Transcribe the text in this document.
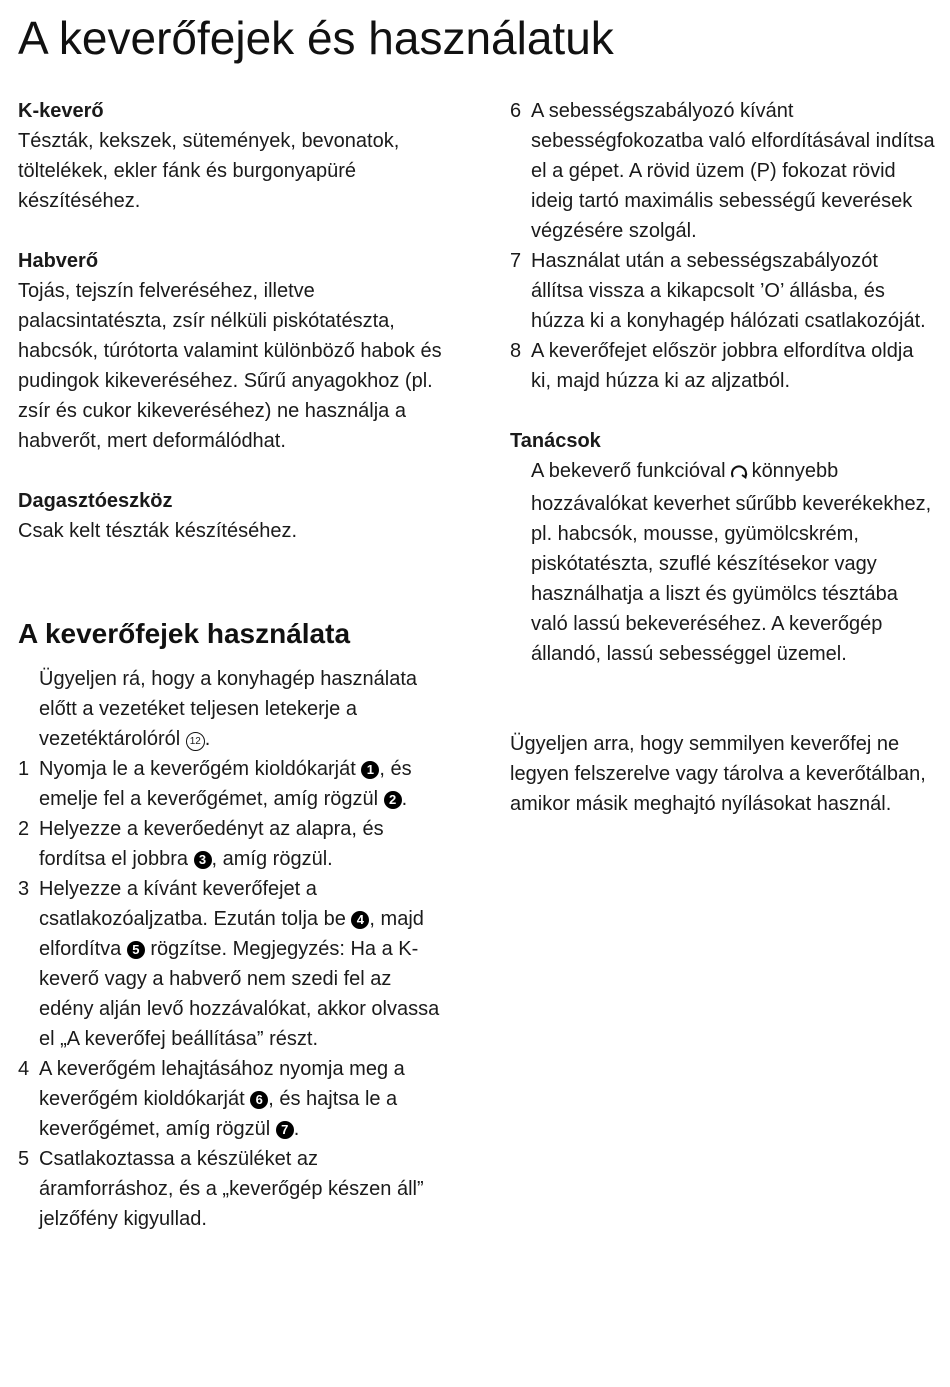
A keverőfejek és használatuk

K-keverő

Tészták, kekszek, sütemények, bevonatok, töltelékek, ekler fánk és burgonyapüré készítéséhez.

Habverő

Tojás, tejszín felveréséhez, illetve palacsintatészta, zsír nélküli piskótatészta, habcsók, túrótorta valamint különböző habok és pudingok kikeveréséhez. Sűrű anyagokhoz (pl. zsír és cukor kikeveréséhez) ne használja a habverőt, mert deformálódhat.

Dagasztóeszköz

Csak kelt tészták készítéséhez.

A keverőfejek használata

Ügyeljen rá, hogy a konyhagép használata előtt a vezetéket teljesen letekerje a vezetéktárolóról 12 .

1 Nyomja le a keverőgém kioldókarját 1 , és emelje fel a keverőgémet, amíg rögzül 2 .
2 Helyezze a keverőedényt az alapra, és fordítsa el jobbra 3 , amíg rögzül.
3 Helyezze a kívánt keverőfejet a csatlakozóaljzatba. Ezután tolja be 4 , majd elfordítva 5 rögzítse. Megjegyzés: Ha a K-keverő vagy a habverő nem szedi fel az edény alján levő hozzávalókat, akkor olvassa el „A keverőfej beállítása” részt.
4 A keverőgém lehajtásához nyomja meg a keverőgém kioldókarját 6 , és hajtsa le a keverőgémet, amíg rögzül 7 .
5 Csatlakoztassa a készüléket az áramforráshoz, és a „keverőgép készen áll” jelzőfény kigyullad.
6 A sebességszabályozó kívánt sebességfokozatba való elfordításával indítsa el a gépet. A rövid üzem (P) fokozat rövid ideig tartó maximális sebességű keverések végzésére szolgál.
7 Használat után a sebességszabályozót állítsa vissza a kikapcsolt ’O’ állásba, és húzza ki a konyhagép hálózati csatlakozóját.
8 A keverőfejet először jobbra elfordítva oldja ki, majd húzza ki az aljzatból.

Tanácsok

A bekeverő funkcióval könnyebb hozzávalókat keverhet sűrűbb keverékekhez, pl. habcsók, mousse, gyümölcskrém, piskótatészta, szuflé készítésekor vagy használhatja a liszt és gyümölcs tésztába való lassú bekeveréséhez. A keverőgép állandó, lassú sebességgel üzemel.

Ügyeljen arra, hogy semmilyen keverőfej ne legyen felszerelve vagy tárolva a keverőtálban, amikor másik meghajtó nyílásokat használ.
